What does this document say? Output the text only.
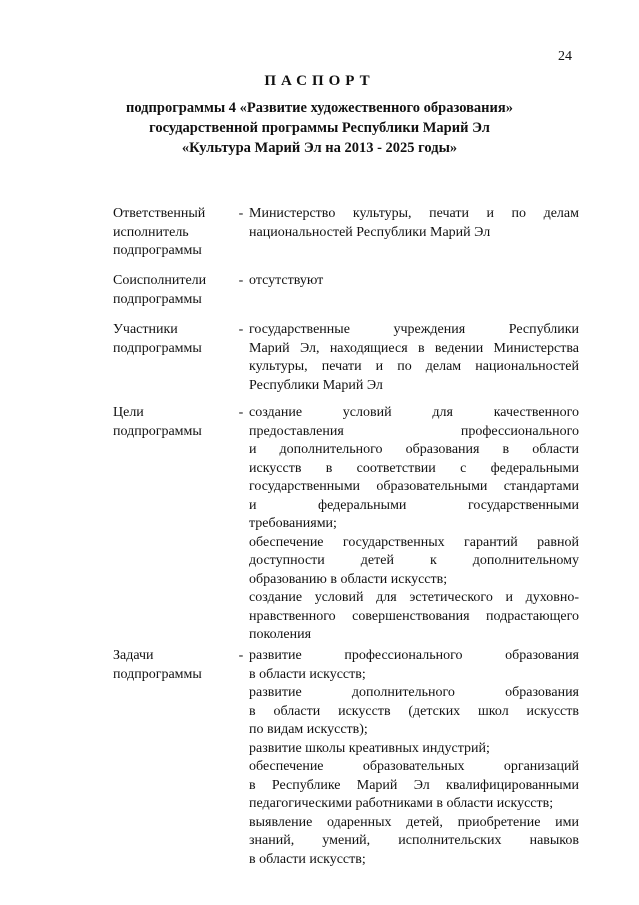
24
ПАСПОРТ
подпрограммы 4 «Развитие художественного образования»
государственной программы Республики Марий Эл
«Культура Марий Эл на 2013 - 2025 годы»
Ответственный
исполнитель
подпрограммы
- Министерство культуры, печати и по делам
национальностей Республики Марий Эл
Соисполнители
подпрограммы
- отсутствуют
Участники
подпрограммы
- государственные учреждения Республики
Марий Эл, находящиеся в ведении Министерства
культуры, печати и по делам национальностей
Республики Марий Эл
Цели
подпрограммы
- создание условий для качественного
предоставления профессионального
и дополнительного образования в области
искусств в соответствии с федеральными
государственными образовательными стандартами
и федеральными государственными
требованиями;
обеспечение государственных гарантий равной
доступности детей к дополнительному
образованию в области искусств;
создание условий для эстетического и духовно-
нравственного совершенствования подрастающего
поколения
Задачи
подпрограммы
- развитие профессионального образования
в области искусств;
развитие дополнительного образования
в области искусств (детских школ искусств
по видам искусств);
развитие школы креативных индустрий;
обеспечение образовательных организаций
в Республике Марий Эл квалифицированными
педагогическими работниками в области искусств;
выявление одаренных детей, приобретение ими
знаний, умений, исполнительских навыков
в области искусств;
